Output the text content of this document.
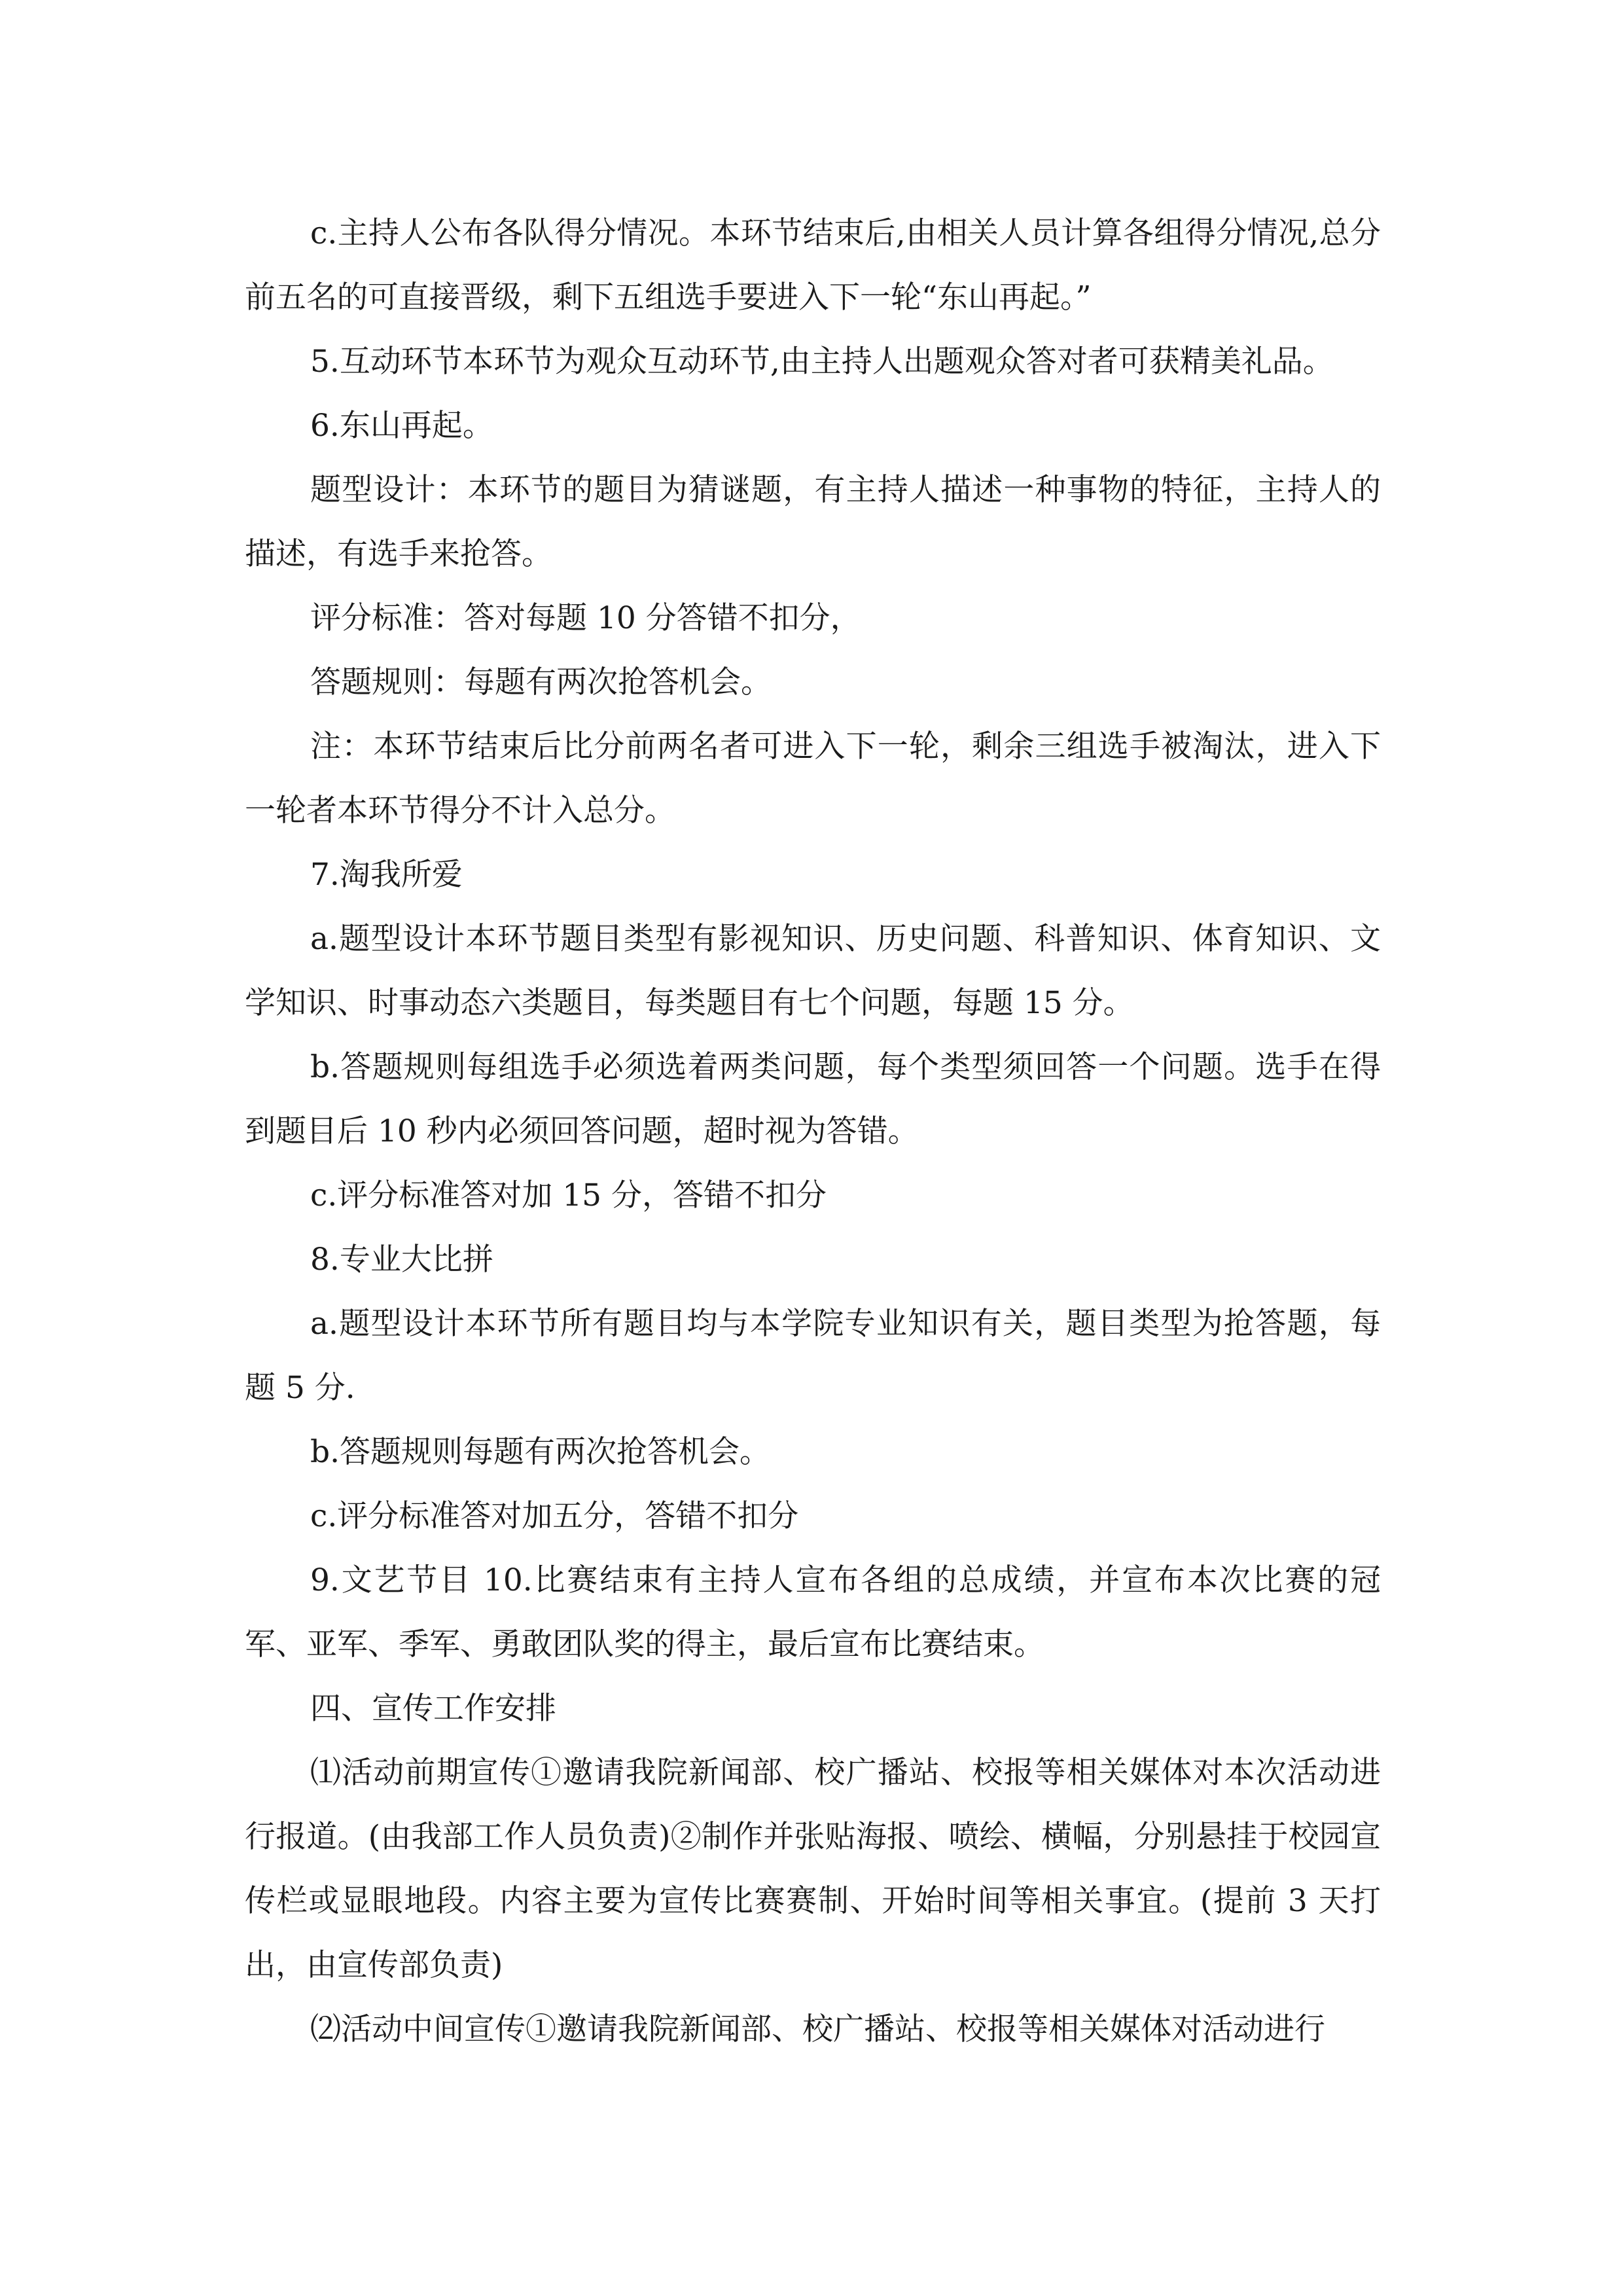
c.主持人公布各队得分情况。本环节结束后,由相关人员计算各组得分情况,总分前五名的可直接晋级，剩下五组选手要进入下一轮“东山再起。”

5.互动环节本环节为观众互动环节,由主持人出题观众答对者可获精美礼品。

6.东山再起。

题型设计：本环节的题目为猜谜题，有主持人描述一种事物的特征，主持人的描述，有选手来抢答。

评分标准：答对每题 10 分答错不扣分，

答题规则：每题有两次抢答机会。

注：本环节结束后比分前两名者可进入下一轮，剩余三组选手被淘汰，进入下一轮者本环节得分不计入总分。

7.淘我所爱

a.题型设计本环节题目类型有影视知识、历史问题、科普知识、体育知识、文学知识、时事动态六类题目，每类题目有七个问题，每题 15 分。

b.答题规则每组选手必须选着两类问题，每个类型须回答一个问题。选手在得到题目后 10 秒内必须回答问题，超时视为答错。

c.评分标准答对加 15 分，答错不扣分

8.专业大比拼

a.题型设计本环节所有题目均与本学院专业知识有关，题目类型为抢答题，每题 5 分.

b.答题规则每题有两次抢答机会。

c.评分标准答对加五分，答错不扣分

9.文艺节目 10.比赛结束有主持人宣布各组的总成绩，并宣布本次比赛的冠军、亚军、季军、勇敢团队奖的得主，最后宣布比赛结束。

四、宣传工作安排

⑴活动前期宣传①邀请我院新闻部、校广播站、校报等相关媒体对本次活动进行报道。(由我部工作人员负责)②制作并张贴海报、喷绘、横幅，分别悬挂于校园宣传栏或显眼地段。内容主要为宣传比赛赛制、开始时间等相关事宜。(提前 3 天打出，由宣传部负责)

⑵活动中间宣传①邀请我院新闻部、校广播站、校报等相关媒体对活动进行
